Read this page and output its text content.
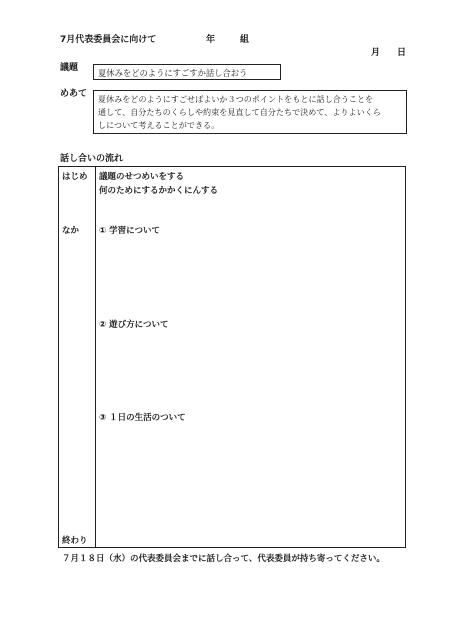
7月代表委員会に向けて	年	組
月 日
議題 夏休みをどのようにすごすか話し合おう
めあて 夏休みをどのようにすごせばよいか３つのポイントをもとに話し合うことを
通して、自分たちのくらしや約束を見直して自分たちで決めて、よりよいくら
しについて考えることができる。
話し合いの流れ
はじめ 議題のせつめいをする
何のためにするかかくにんする
なか ① 学習について
② 遊び方について
③ １日の生活のついて
終わり
７月１８日（水）の代表委員会までに話し合って、代表委員が持ち寄ってください。
